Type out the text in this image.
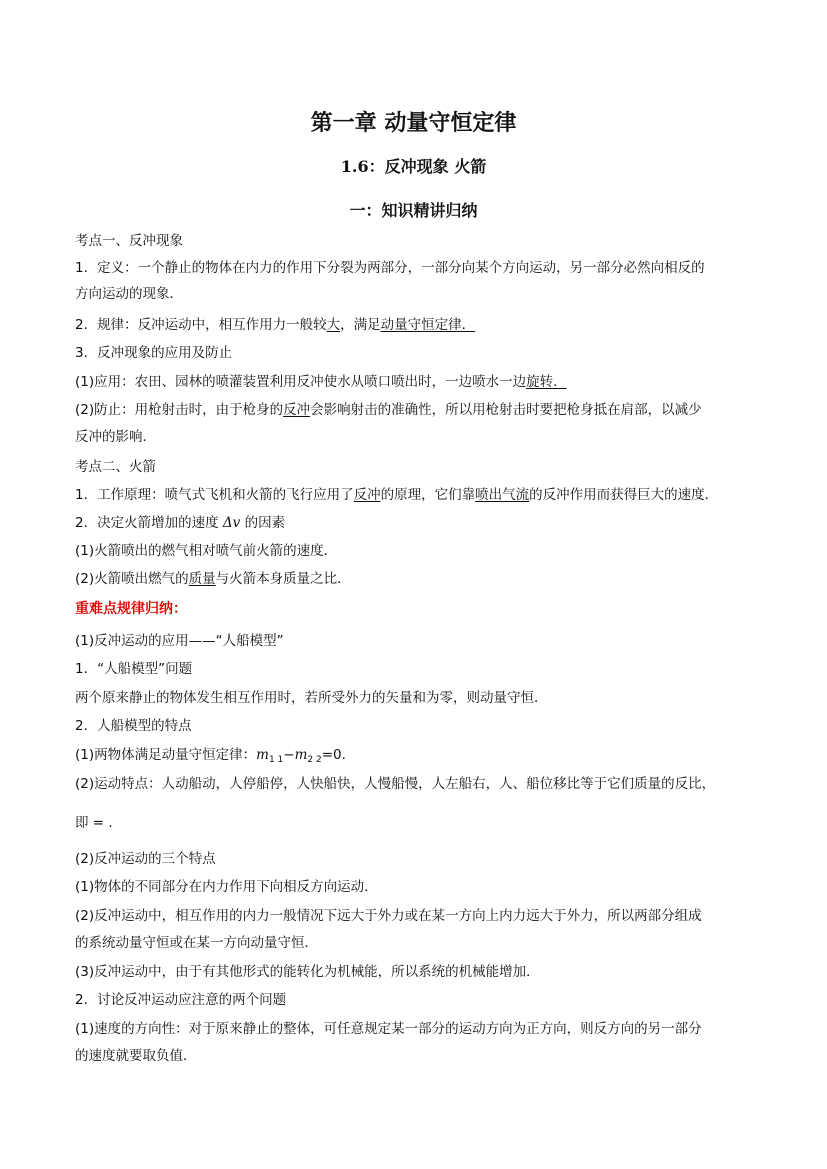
第一章 动量守恒定律
1.6：反冲现象 火箭
一：知识精讲归纳
考点一、反冲现象
1．定义：一个静止的物体在内力的作用下分裂为两部分，一部分向某个方向运动，另一部分必然向相反的
方向运动的现象．
2．规律：反冲运动中，相互作用力一般较大，满足动量守恒定律．
3．反冲现象的应用及防止
(1)应用：农田、园林的喷灌装置利用反冲使水从喷口喷出时，一边喷水一边旋转．
(2)防止：用枪射击时，由于枪身的反冲会影响射击的准确性，所以用枪射击时要把枪身抵在肩部，以减少
反冲的影响．
考点二、火箭
1．工作原理：喷气式飞机和火箭的飞行应用了反冲的原理，它们靠喷出气流的反冲作用而获得巨大的速度．
2．决定火箭增加的速度 Δv 的因素
(1)火箭喷出的燃气相对喷气前火箭的速度．
(2)火箭喷出燃气的质量与火箭本身质量之比．
重难点规律归纳：
(1)反冲运动的应用——“人船模型”
1．“人船模型”问题
两个原来静止的物体发生相互作用时，若所受外力的矢量和为零，则动量守恒．
2．人船模型的特点
(1)两物体满足动量守恒定律：$m_{1 1}-m_{2 2}=0$.
(2)运动特点：人动船动，人停船停，人快船快，人慢船慢，人左船右，人、船位移比等于它们质量的反比，
即 = .
(2)反冲运动的三个特点
(1)物体的不同部分在内力作用下向相反方向运动．
(2)反冲运动中，相互作用的内力一般情况下远大于外力或在某一方向上内力远大于外力，所以两部分组成
的系统动量守恒或在某一方向动量守恒．
(3)反冲运动中，由于有其他形式的能转化为机械能，所以系统的机械能增加．
2．讨论反冲运动应注意的两个问题
(1)速度的方向性：对于原来静止的整体，可任意规定某一部分的运动方向为正方向，则反方向的另一部分
的速度就要取负值．
